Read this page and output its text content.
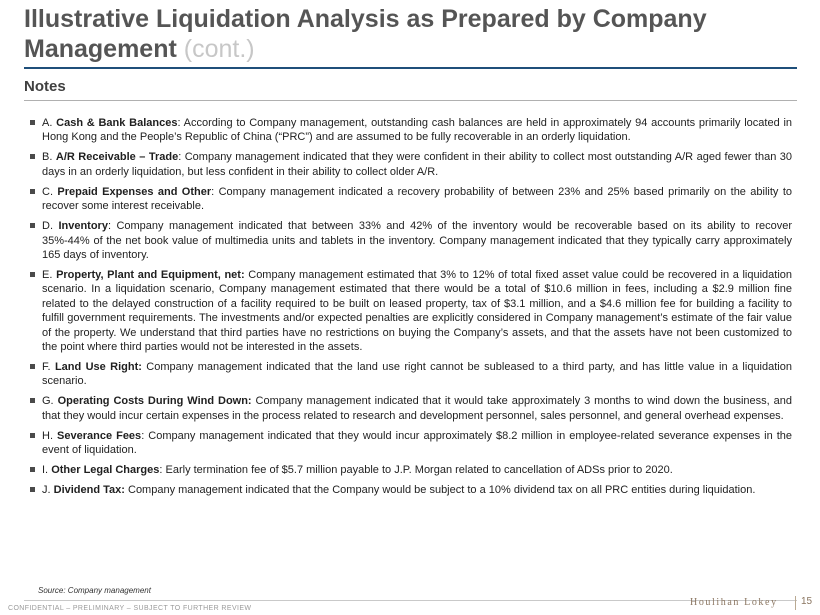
Illustrative Liquidation Analysis as Prepared by Company Management (cont.)
Notes
A. Cash & Bank Balances: According to Company management, outstanding cash balances are held in approximately 94 accounts primarily located in Hong Kong and the People’s Republic of China (“PRC”) and are assumed to be fully recoverable in an orderly liquidation.
B. A/R Receivable – Trade: Company management indicated that they were confident in their ability to collect most outstanding A/R aged fewer than 30 days in an orderly liquidation, but less confident in their ability to collect older A/R.
C. Prepaid Expenses and Other: Company management indicated a recovery probability of between 23% and 25% based primarily on the ability to recover some interest receivable.
D. Inventory: Company management indicated that between 33% and 42% of the inventory would be recoverable based on its ability to recover 35%-44% of the net book value of multimedia units and tablets in the inventory. Company management indicated that they typically carry approximately 165 days of inventory.
E. Property, Plant and Equipment, net: Company management estimated that 3% to 12% of total fixed asset value could be recovered in a liquidation scenario. In a liquidation scenario, Company management estimated that there would be a total of $10.6 million in fees, including a $2.9 million fine related to the delayed construction of a facility required to be built on leased property, tax of $3.1 million, and a $4.6 million fee for building a facility to fulfill government requirements. The investments and/or expected penalties are explicitly considered in Company management’s estimate of the fair value of the property. We understand that third parties have no restrictions on buying the Company’s assets, and that the assets have not been customized to the point where third parties would not be interested in the assets.
F. Land Use Right: Company management indicated that the land use right cannot be subleased to a third party, and has little value in a liquidation scenario.
G. Operating Costs During Wind Down: Company management indicated that it would take approximately 3 months to wind down the business, and that they would incur certain expenses in the process related to research and development personnel, sales personnel, and general overhead expenses.
H. Severance Fees: Company management indicated that they would incur approximately $8.2 million in employee-related severance expenses in the event of liquidation.
I. Other Legal Charges: Early termination fee of $5.7 million payable to J.P. Morgan related to cancellation of ADSs prior to 2020.
J. Dividend Tax: Company management indicated that the Company would be subject to a 10% dividend tax on all PRC entities during liquidation.
Source: Company management
CONFIDENTIAL – PRELIMINARY – SUBJECT TO FURTHER REVIEW
Houlihan Lokey 15
